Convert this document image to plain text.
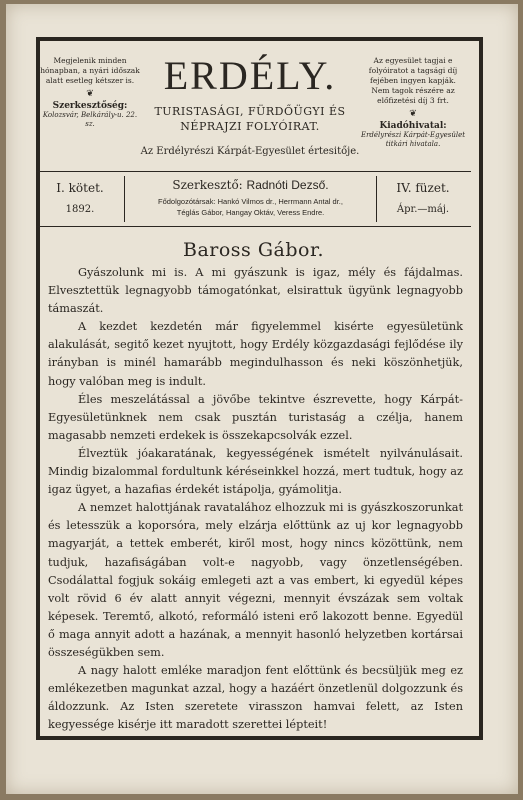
Megjelenik minden hónapban, a nyári időszak alatt esetleg kétszer is.
❦
Szerkesztőség:
Kolozsvár, Belkárály-u. 22. sz.
ERDÉLY.
TURISTASÁGI, FÜRDŐÜGYI ÉS NÉPRAJZI FOLYÓIRAT.
Az Erdélyrészi Kárpát-Egyesület értesitője.
Az egyesület tagjai e folyóiratot a tagsági díj fejében ingyen kapják. Nem tagok részére az előfizetési díj 3 frt.
❦
Kiadóhivatal:
Erdélyrészi Kárpát-Egyesület titkári hivatala.
I. kötet.
1892.
Szerkesztő: Radnóti Dezső.
Fődolgozótársak: Hankó Vilmos dr., Herrmann Antal dr.,
Téglás Gábor, Hangay Oktáv, Veress Endre.
IV. füzet.
Ápr.—máj.
Baross Gábor.

Gyászolunk mi is. A mi gyászunk is igaz, mély és fájdalmas. Elvesztettük legnagyobb támogatónkat, elsirattuk ügyünk legnagyobb támaszát.

A kezdet kezdetén már figyelemmel kisérte egyesületünk alakulását, segitő kezet nyujtott, hogy Erdély közgazdasági fejlődése ily irányban is minél hamarább megindulhasson és neki köszönhetjük, hogy valóban meg is indult.

Éles meszelátással a jövőbe tekintve észrevette, hogy Kárpát-Egyesületünknek nem csak pusztán turistaság a czélja, hanem magasabb nemzeti erdekek is összekapcsolvák ezzel.

Élveztük jóakaratának, kegyességének ismételt nyilvánulásait. Mindig bizalommal fordultunk kéréseinkkel hozzá, mert tudtuk, hogy az igaz ügyet, a hazafias érdekét istápolja, gyámolitja.

A nemzet halottjának ravatalához elhozzuk mi is gyászkoszorunkat és letesszük a koporsóra, mely elzárja előttünk az uj kor legnagyobb magyarját, a tettek emberét, kiről most, hogy nincs közöttünk, nem tudjuk, hazafiságában volt-e nagyobb, vagy önzetlenségében. Csodálattal fogjuk sokáig emlegeti azt a vas embert, ki egyedül képes volt rövid 6 év alatt annyit végezni, mennyit évszázak sem voltak képesek. Teremtő, alkotó, reformáló isteni erő lakozott benne. Egyedül ő maga annyit adott a hazának, a mennyit hasonló helyzetben kortársai összeségükben sem.

A nagy halott emléke maradjon fent előttünk és becsüljük meg ez emlékezetben magunkat azzal, hogy a hazáért önzetlenül dolgozzunk és áldozzunk. Az Isten szeretete virasszon hamvai felett, az Isten kegyessége kisérje itt maradott szerettei lépteit!
